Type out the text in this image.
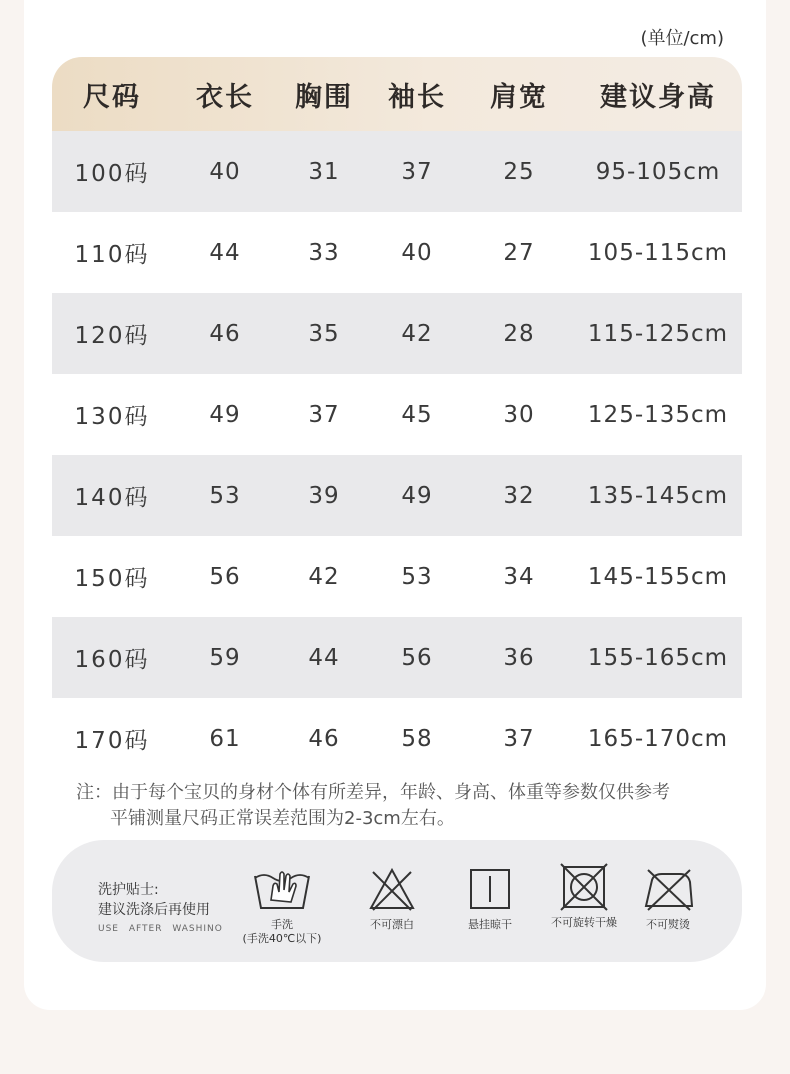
(单位/cm)
尺码	衣长	胸围	袖长	肩宽	建议身高
100码	40	31	37	25	95-105cm
110码	44	33	40	27	105-115cm
120码	46	35	42	28	115-125cm
130码	49	37	45	30	125-135cm
140码	53	39	49	32	135-145cm
150码	56	42	53	34	145-155cm
160码	59	44	56	36	155-165cm
170码	61	46	58	37	165-170cm
注：由于每个宝贝的身材个体有所差异，年龄、身高、体重等参数仅供参考
平铺测量尺码正常误差范围为2-3cm左右。
洗护贴士:
建议洗涤后再使用
USE AFTER WASHINO	手洗
(手洗40℃以下)
不可漂白	悬挂晾干	不可旋转干燥	不可熨烫
